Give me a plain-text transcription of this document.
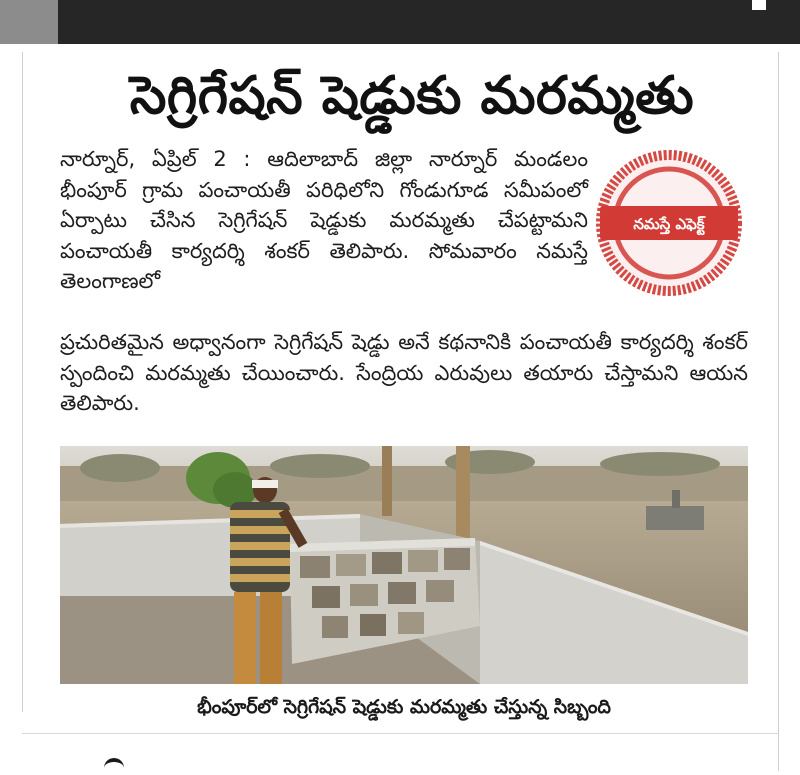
సెగ్రిగేషన్ షెడ్డుకు మరమ్మతు

నార్నూర్, ఏప్రిల్ 2 : ఆదిలాబాద్ జిల్లా నార్నూర్ మండలం భీంపూర్ గ్రామ పంచాయతీ పరిధిలోని గోండుగూడ సమీపంలో ఏర్పాటు చేసిన సెగ్రిగేషన్ షెడ్డుకు మరమ్మతు చేపట్టామని పంచాయతీ కార్యదర్శి శంకర్ తెలిపారు. సోమవారం నమస్తే తెలంగాణలో

నమస్తే ఎఫెక్ట్

ప్రచురితమైన అధ్వానంగా సెగ్రిగేషన్ షెడ్డు అనే కథనానికి పంచాయతీ కార్యదర్శి శంకర్ స్పందించి మరమ్మతు చేయించారు. సేంద్రియ ఎరువులు తయారు చేస్తామని ఆయన తెలిపారు.

భీంపూర్‌లో సెగ్రిగేషన్ షెడ్డుకు మరమ్మతు చేస్తున్న సిబ్బంది
